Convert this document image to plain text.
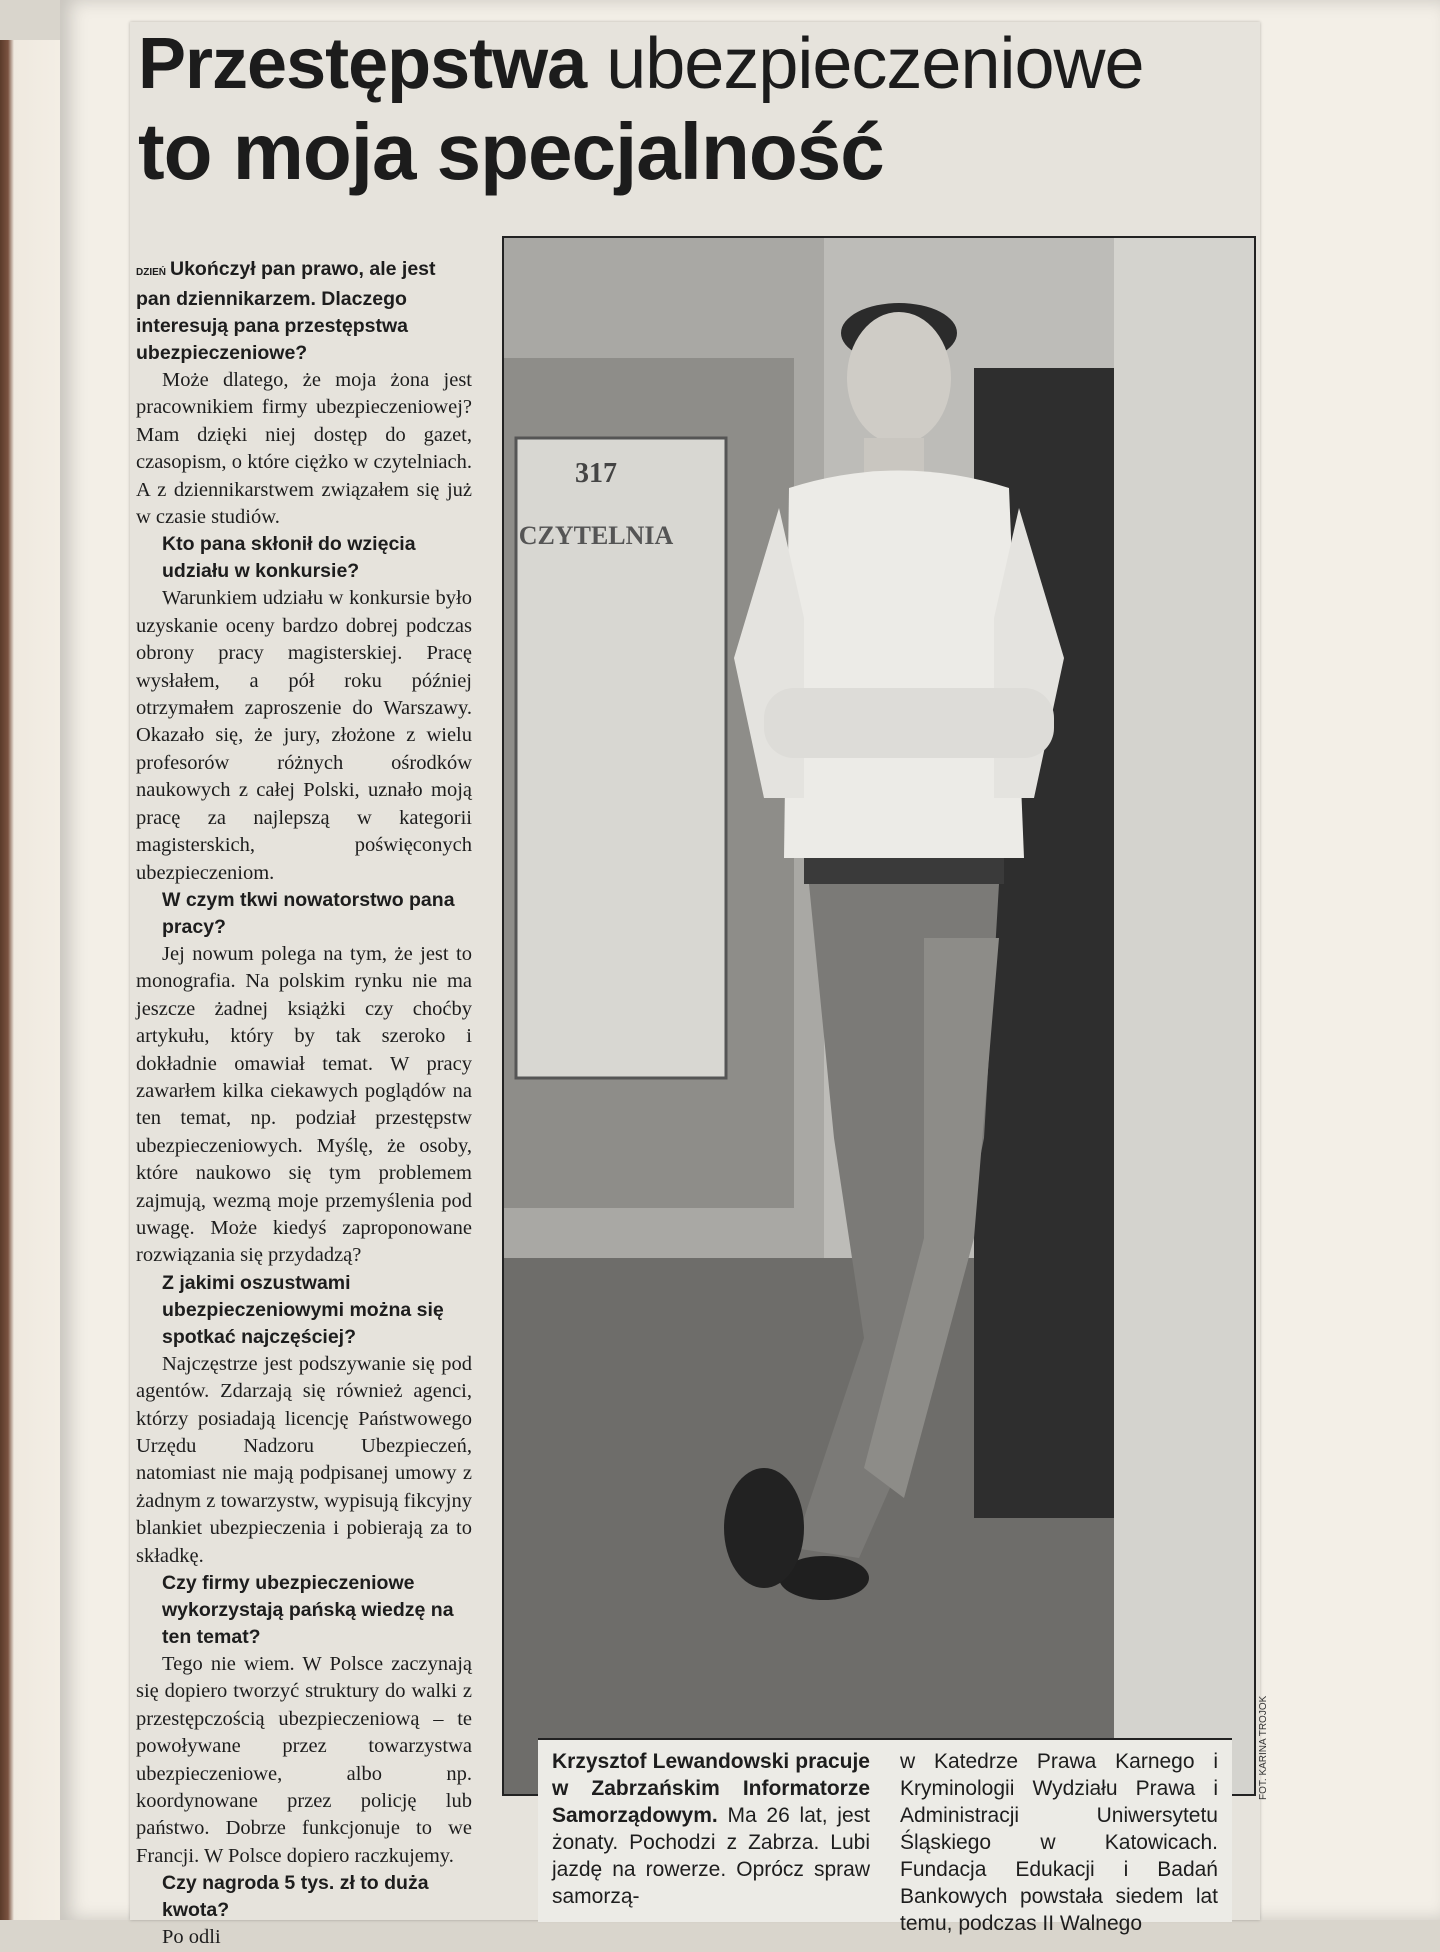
Przestępstwa ubezpieczeniowe
to moja specjalność

DZIEŃ Ukończył pan prawo, ale jest pan dziennikarzem. Dlaczego interesują pana przestępstwa ubezpieczeniowe?

Może dlatego, że moja żona jest pracownikiem firmy ubezpieczeniowej? Mam dzięki niej dostęp do gazet, czasopism, o które ciężko w czytelniach. A z dziennikarstwem związałem się już w czasie studiów.

Kto pana skłonił do wzięcia udziału w konkursie?

Warunkiem udziału w konkursie było uzyskanie oceny bardzo dobrej podczas obrony pracy magisterskiej. Pracę wysłałem, a pół roku później otrzymałem zaproszenie do Warszawy. Okazało się, że jury, złożone z wielu profesorów różnych ośrodków naukowych z całej Polski, uznało moją pracę za najlepszą w kategorii magisterskich, poświęconych ubezpieczeniom.

W czym tkwi nowatorstwo pana pracy?

Jej nowum polega na tym, że jest to monografia. Na polskim rynku nie ma jeszcze żadnej książki czy choćby artykułu, który by tak szeroko i dokładnie omawiał temat. W pracy zawarłem kilka ciekawych poglądów na ten temat, np. podział przestępstw ubezpieczeniowych. Myślę, że osoby, które naukowo się tym problemem zajmują, wezmą moje przemyślenia pod uwagę. Może kiedyś zaproponowane rozwiązania się przydadzą?

Z jakimi oszustwami ubezpieczeniowymi można się spotkać najczęściej?

Najczęstrze jest podszywanie się pod agentów. Zdarzają się również agenci, którzy posiadają licencję Państwowego Urzędu Nadzoru Ubezpieczeń, natomiast nie mają podpisanej umowy z żadnym z towarzystw, wypisują fikcyjny blankiet ubezpieczenia i pobierają za to składkę.

Czy firmy ubezpieczeniowe wykorzystają pańską wiedzę na ten temat?

Tego nie wiem. W Polsce zaczynają się dopiero tworzyć struktury do walki z przestępczością ubezpieczeniową – te powoływane przez towarzystwa ubezpieczeniowe, albo np. koordynowane przez policję lub państwo. Dobrze funkcjonuje to we Francji. W Polsce dopiero raczkujemy.

Czy nagroda 5 tys. zł to duża kwota?

Po odli

317
CZYTELNIA
FOT. KARINA TROJOK
Krzysztof Lewandowski pracuje w Zabrzańskim Informatorze Samorządowym. Ma 26 lat, jest żonaty. Pochodzi z Zabrza. Lubi jazdę na rowerze. Oprócz spraw samorzą-
w Katedrze Prawa Karnego i Kryminologii Wydziału Prawa i Administracji Uniwersytetu Śląskiego w Katowicach. Fundacja Edukacji i Badań Bankowych powstała siedem lat temu, podczas II Walnego
